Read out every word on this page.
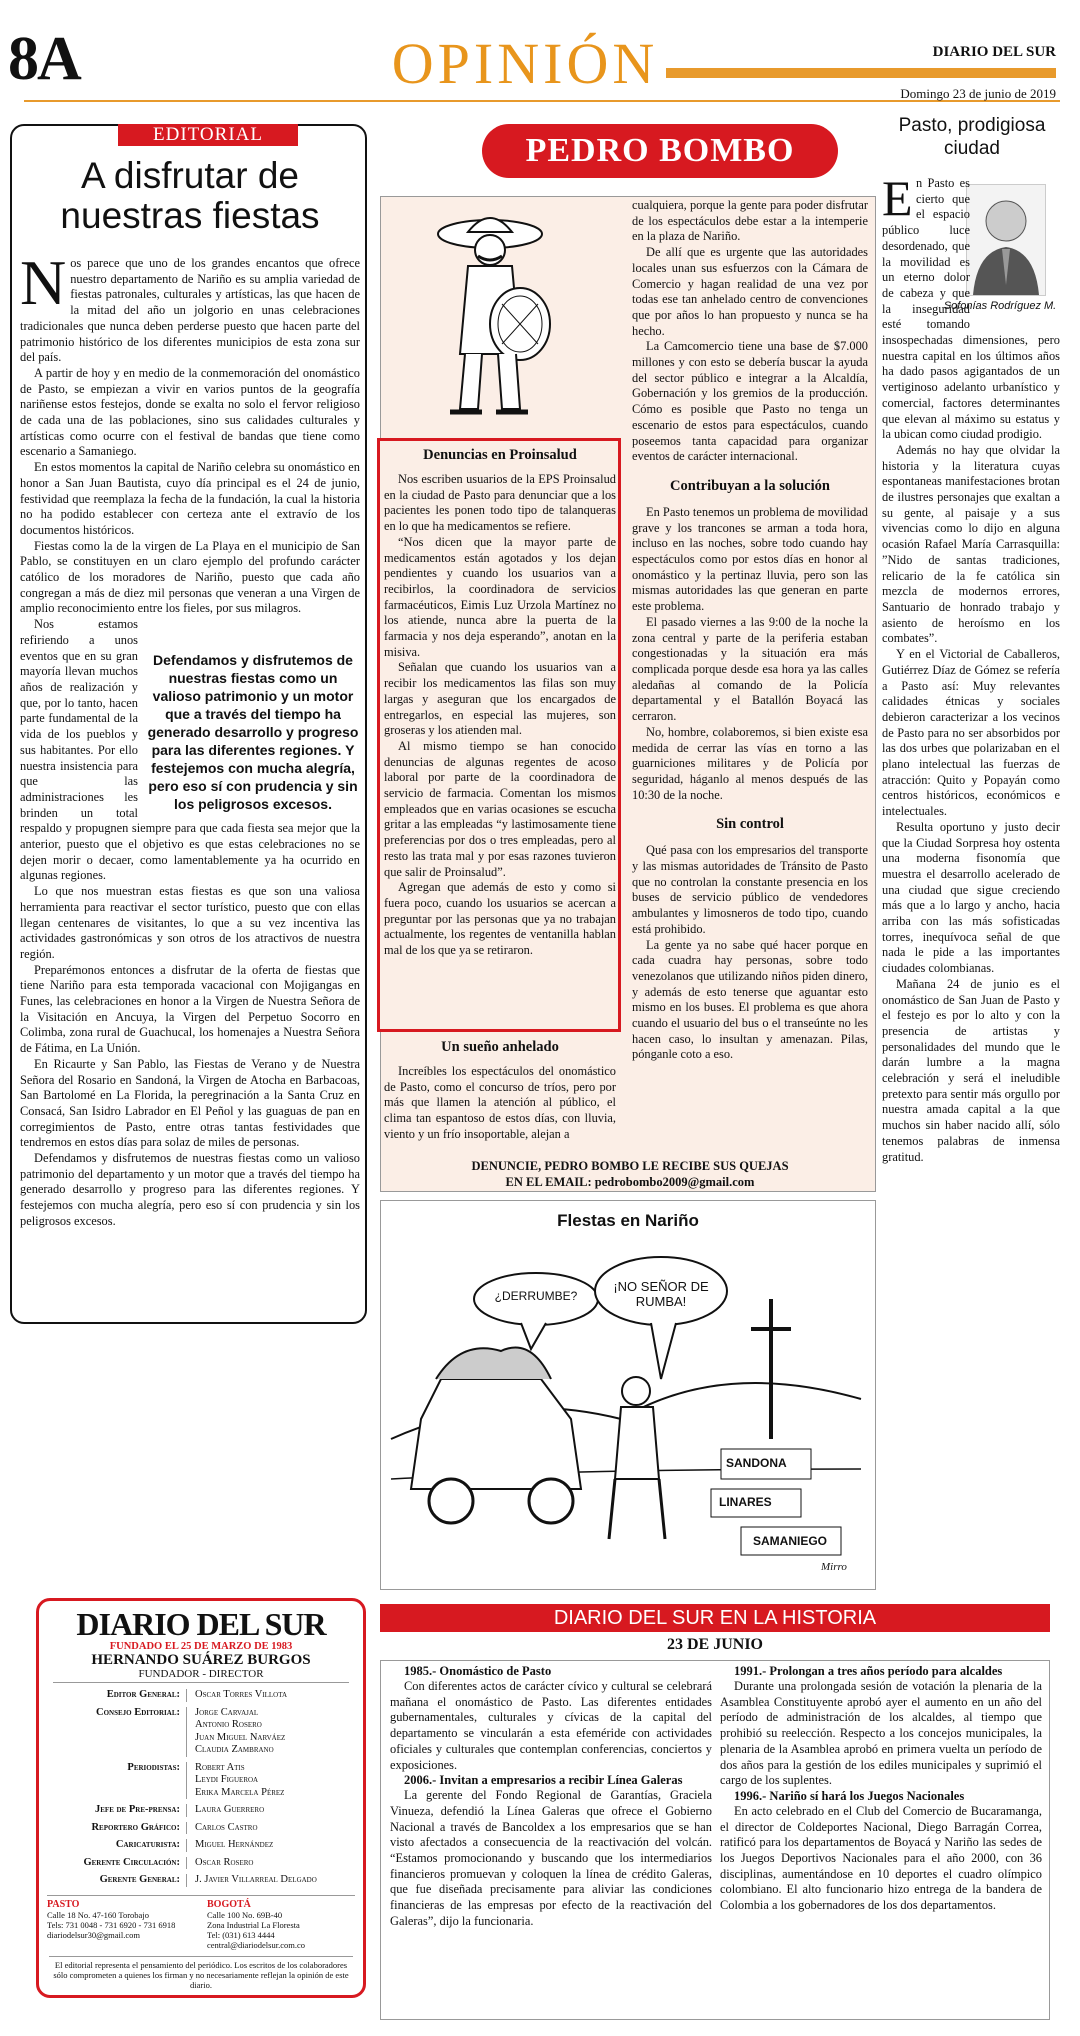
8A	OPINIÓN	DIARIO DEL SUR
Domingo 23 de junio de 2019
EDITORIAL
A disfrutar de nuestras fiestas
N os parece que uno de los grandes encantos que ofrece nuestro departamento de Nariño es su amplia variedad de fiestas patronales, culturales y artísticas, las que hacen de la mitad del año un jolgorio en unas celebraciones tradicionales que nunca deben perderse puesto que hacen parte del patrimonio histórico de los diferentes municipios de esta zona sur del país.

A partir de hoy y en medio de la conmemoración del onomástico de Pasto, se empiezan a vivir en varios puntos de la geografía nariñense estos festejos, donde se exalta no solo el fervor religioso de cada una de las poblaciones, sino sus calidades culturales y artísticas como ocurre con el festival de bandas que tiene como escenario a Samaniego.

En estos momentos la capital de Nariño celebra su onomástico en honor a San Juan Bautista, cuyo día principal es el 24 de junio, festividad que reemplaza la fecha de la fundación, la cual la historia no ha podido establecer con certeza ante el extravío de los documentos históricos.

Fiestas como la de la virgen de La Playa en el municipio de San Pablo, se constituyen en un claro ejemplo del profundo carácter católico de los moradores de Nariño, puesto que cada año congregan a más de diez mil personas que veneran a una Virgen de amplio reconocimiento entre los fieles, por sus milagros.

Defendamos y disfrutemos de nuestras fiestas como un valioso patrimonio y un motor que a través del tiempo ha generado desarrollo y progreso para las diferentes regiones. Y festejemos con mucha alegría, pero eso sí con prudencia y sin los peligrosos excesos.

Nos estamos refiriendo a unos eventos que en su gran mayoría llevan muchos años de realización y que, por lo tanto, hacen parte fundamental de la vida de los pueblos y sus habitantes. Por ello nuestra insistencia para que las administraciones les brinden un total respaldo y propugnen siempre para que cada fiesta sea mejor que la anterior, puesto que el objetivo es que estas celebraciones no se dejen morir o decaer, como lamentablemente ya ha ocurrido en algunas regiones.

Lo que nos muestran estas fiestas es que son una valiosa herramienta para reactivar el sector turístico, puesto que con ellas llegan centenares de visitantes, lo que a su vez incentiva las actividades gastronómicas y son otros de los atractivos de nuestra región.

Preparémonos entonces a disfrutar de la oferta de fiestas que tiene Nariño para esta temporada vacacional con Mojigangas en Funes, las celebraciones en honor a la Virgen de Nuestra Señora de la Visitación en Ancuya, la Virgen del Perpetuo Socorro en Colimba, zona rural de Guachucal, los homenajes a Nuestra Señora de Fátima, en La Unión.

En Ricaurte y San Pablo, las Fiestas de Verano y de Nuestra Señora del Rosario en Sandoná, la Virgen de Atocha en Barbacoas, San Bartolomé en La Florida, la peregrinación a la Santa Cruz en Consacá, San Isidro Labrador en El Peñol y las guaguas de pan en corregimientos de Pasto, entre otras tantas festividades que tendremos en estos días para solaz de miles de personas.

Defendamos y disfrutemos de nuestras fiestas como un valioso patrimonio del departamento y un motor que a través del tiempo ha generado desarrollo y progreso para las diferentes regiones. Y festejemos con mucha alegría, pero eso sí con prudencia y sin los peligrosos excesos.

DIARIO DEL SUR
FUNDADO EL 25 DE MARZO DE 1983
HERNANDO SUÁREZ BURGOS
FUNDADOR - DIRECTOR
Editor General:	Oscar Torres Villota
Consejo Editorial:	Jorge Carvajal
Antonio Rosero
Juan Miguel Narváez
Claudia Zambrano
Periodistas:	Robert Atis
Leydi Figueroa
Erika Marcela Pérez
Jefe de Pre-prensa:	Laura Guerrero
Reportero Gráfico:	Carlos Castro
Caricaturista:	Miguel Hernández
Gerente Circulación:	Oscar Rosero
Gerente General:	J. Javier Villarreal Delgado
PASTO
Calle 18 No. 47-160 Torobajo
Tels: 731 0048 - 731 6920 - 731 6918
diariodelsur30@gmail.com
BOGOTÁ
Calle 100 No. 69B-40
Zona Industrial La Floresta
Tel: (031) 613 4444
central@diariodelsur.com.co
El editorial representa el pensamiento del periódico. Los escritos de los colaboradores sólo comprometen a quienes los firman y no necesariamente reflejan la opinión de este diario.
PEDRO BOMBO
Denuncias en Proinsalud

Nos escriben usuarios de la EPS Proinsalud en la ciudad de Pasto para denunciar que a los pacientes les ponen todo tipo de talanqueras en lo que ha medicamentos se refiere.

“Nos dicen que la mayor parte de medicamentos están agotados y los dejan pendientes y cuando los usuarios van a recibirlos, la coordinadora de servicios farmacéuticos, Eimis Luz Urzola Martínez no los atiende, nunca abre la puerta de la farmacia y nos deja esperando”, anotan en la misiva.

Señalan que cuando los usuarios van a recibir los medicamentos las filas son muy largas y aseguran que los encargados de entregarlos, en especial las mujeres, son groseras y los atienden mal.

Al mismo tiempo se han conocido denuncias de algunas regentes de acoso laboral por parte de la coordinadora de servicio de farmacia. Comentan los mismos empleados que en varias ocasiones se escucha gritar a las empleadas “y lastimosamente tiene preferencias por dos o tres empleadas, pero al resto las trata mal y por esas razones tuvieron que salir de Proinsalud”.

Agregan que además de esto y como si fuera poco, cuando los usuarios se acercan a preguntar por las personas que ya no trabajan actualmente, los regentes de ventanilla hablan mal de los que ya se retiraron.

Un sueño anhelado

Increíbles los espectáculos del onomástico de Pasto, como el concurso de tríos, pero por más que llamen la atención al público, el clima tan espantoso de estos días, con lluvia, viento y un frío insoportable, alejan a

cualquiera, porque la gente para poder disfrutar de los espectáculos debe estar a la intemperie en la plaza de Nariño.

De allí que es urgente que las autoridades locales unan sus esfuerzos con la Cámara de Comercio y hagan realidad de una vez por todas ese tan anhelado centro de convenciones que por años lo han propuesto y nunca se ha hecho.

La Camcomercio tiene una base de $7.000 millones y con esto se debería buscar la ayuda del sector público e integrar a la Alcaldía, Gobernación y los gremios de la producción. Cómo es posible que Pasto no tenga un escenario de estos para espectáculos, cuando poseemos tanta capacidad para organizar eventos de carácter internacional.

Contribuyan a la solución

En Pasto tenemos un problema de movilidad grave y los trancones se arman a toda hora, incluso en las noches, sobre todo cuando hay espectáculos como por estos días en honor al onomástico y la pertinaz lluvia, pero son las mismas autoridades las que generan en parte este problema.

El pasado viernes a las 9:00 de la noche la zona central y parte de la periferia estaban congestionadas y la situación era más complicada porque desde esa hora ya las calles aledañas al comando de la Policía departamental y el Batallón Boyacá las cerraron.

No, hombre, colaboremos, si bien existe esa medida de cerrar las vías en torno a las guarniciones militares y de Policía por seguridad, háganlo al menos después de las 10:30 de la noche.

Sin control

Qué pasa con los empresarios del transporte y las mismas autoridades de Tránsito de Pasto que no controlan la constante presencia en los buses de servicio público de vendedores ambulantes y limosneros de todo tipo, cuando está prohibido.

La gente ya no sabe qué hacer porque en cada cuadra hay personas, sobre todo venezolanos que utilizando niños piden dinero, y además de esto tenerse que aguantar esto mismo en los buses. El problema es que ahora cuando el usuario del bus o el transeúnte no les hacen caso, lo insultan y amenazan. Pilas, pónganle coto a eso.

DENUNCIE, PEDRO BOMBO LE RECIBE SUS QUEJAS
EN EL EMAIL: pedrobombo2009@gmail.com
Flestas en Nariño
¿DERRUMBE?
¡NO SEÑOR DE RUMBA!
SANDONA
LINARES
SAMANIEGO
Mirro
Pasto, prodigiosa ciudad
Sofonías Rodríguez M.
E n Pasto es cierto que el espacio público luce desordenado, que la movilidad es un eterno dolor de cabeza y que la inseguridad esté tomando insospechadas dimensiones, pero nuestra capital en los últimos años ha dado pasos agigantados de un vertiginoso adelanto urbanístico y comercial, factores determinantes que elevan al máximo su estatus y la ubican como ciudad prodigio.

Además no hay que olvidar la historia y la literatura cuyas espontaneas manifestaciones brotan de ilustres personajes que exaltan a su gente, al paisaje y a sus vivencias como lo dijo en alguna ocasión Rafael María Carrasquilla: ”Nido de santas tradiciones, relicario de la fe católica sin mezcla de modernos errores, Santuario de honrado trabajo y asiento de heroísmo en los combates”.

Y en el Victorial de Caballeros, Gutiérrez Díaz de Gómez se refería a Pasto así: Muy relevantes calidades étnicas y sociales debieron caracterizar a los vecinos de Pasto para no ser absorbidos por las dos urbes que polarizaban en el plano intelectual las fuerzas de atracción: Quito y Popayán como centros históricos, económicos e intelectuales.

Resulta oportuno y justo decir que la Ciudad Sorpresa hoy ostenta una moderna fisonomía que muestra el desarrollo acelerado de una ciudad que sigue creciendo más que a lo largo y ancho, hacia arriba con las más sofisticadas torres, inequívoca señal de que nada le pide a las importantes ciudades colombianas.

Mañana 24 de junio es el onomástico de San Juan de Pasto y el festejo es por lo alto y con la presencia de artistas y personalidades del mundo que le darán lumbre a la magna celebración y será el ineludible pretexto para sentir más orgullo por nuestra amada capital a la que muchos sin haber nacido allí, sólo tenemos palabras de inmensa gratitud.

DIARIO DEL SUR EN LA HISTORIA
23 DE JUNIO
1985.- Onomástico de Pasto

Con diferentes actos de carácter cívico y cultural se celebrará mañana el onomástico de Pasto. Las diferentes entidades gubernamentales, culturales y cívicas de la capital del departamento se vincularán a esta efeméride con actividades oficiales y culturales que contemplan conferencias, conciertos y exposiciones.

2006.- Invitan a empresarios a recibir Línea Galeras

La gerente del Fondo Regional de Garantías, Graciela Vinueza, defendió la Línea Galeras que ofrece el Gobierno Nacional a través de Bancoldex a los empresarios que se han visto afectados a consecuencia de la reactivación del volcán. “Estamos promocionando y buscando que los intermediarios financieros promuevan y coloquen la línea de crédito Galeras, que fue diseñada precisamente para aliviar las condiciones financieras de las empresas por efecto de la reactivación del Galeras”, dijo la funcionaria.

1991.- Prolongan a tres años período para alcaldes

Durante una prolongada sesión de votación la plenaria de la Asamblea Constituyente aprobó ayer el aumento en un año del período de administración de los alcaldes, al tiempo que prohibió su reelección. Respecto a los concejos municipales, la plenaria de la Asamblea aprobó en primera vuelta un período de dos años para la gestión de los ediles municipales y suprimió el cargo de los suplentes.

1996.- Nariño sí hará los Juegos Nacionales

En acto celebrado en el Club del Comercio de Bucaramanga, el director de Coldeportes Nacional, Diego Barragán Correa, ratificó para los departamentos de Boyacá y Nariño las sedes de los Juegos Deportivos Nacionales para el año 2000, con 36 disciplinas, aumentándose en 10 deportes el cuadro olímpico colombiano. El alto funcionario hizo entrega de la bandera de Colombia a los gobernadores de los dos departamentos.
